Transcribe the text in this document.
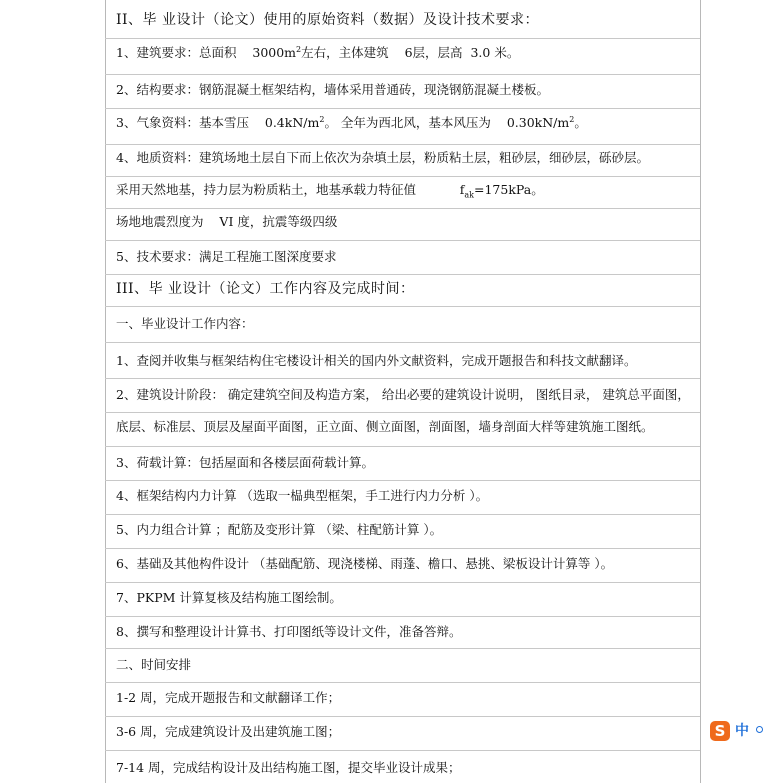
II、毕 业设计（论文）使用的原始资料（数据）及设计技术要求：
1、建筑要求：总面积 $3000m^2$左右，主体建筑 6层，层高 3.0 米。
2、结构要求：钢筋混凝土框架结构，墙体采用普通砖，现浇钢筋混凝土楼板。
3、气象资料：基本雪压 $0.4kN/m^2$。 全年为西北风，基本风压为 $0.30kN/m^2$。
4、地质资料：建筑场地土层自下而上依次为杂填土层，粉质粘土层，粗砂层，细砂层，砾砂层。
采用天然地基，持力层为粉质粘土，地基承载力特征值	$f_{ak}=175kPa$。
场地地震烈度为 VI 度，抗震等级四级
5、技术要求：满足工程施工图深度要求
III、毕 业设计（论文）工作内容及完成时间：
一、毕业设计工作内容：
1、查阅并收集与框架结构住宅楼设计相关的国内外文献资料，完成开题报告和科技文献翻译。
2、建筑设计阶段： 确定建筑空间及构造方案， 给出必要的建筑设计说明， 图纸目录， 建筑总平面图，
底层、标准层、顶层及屋面平面图，正立面、侧立面图，剖面图，墙身剖面大样等建筑施工图纸。
3、荷载计算：包括屋面和各楼层面荷载计算。
4、框架结构内力计算 （选取一榀典型框架，手工进行内力分析 ）。
5、内力组合计算 ；配筋及变形计算 （梁、柱配筋计算 ）。
6、基础及其他构件设计 （基础配筋、现浇楼梯、雨蓬、檐口、悬挑、梁板设计计算等 ）。
7、PKPM 计算复核及结构施工图绘制。
8、撰写和整理设计计算书、打印图纸等设计文件，准备答辩。
二、时间安排
1-2 周，完成开题报告和文献翻译工作；
3-6 周，完成建筑设计及出建筑施工图；
7-14 周，完成结构设计及出结构施工图，提交毕业设计成果；
S 中
